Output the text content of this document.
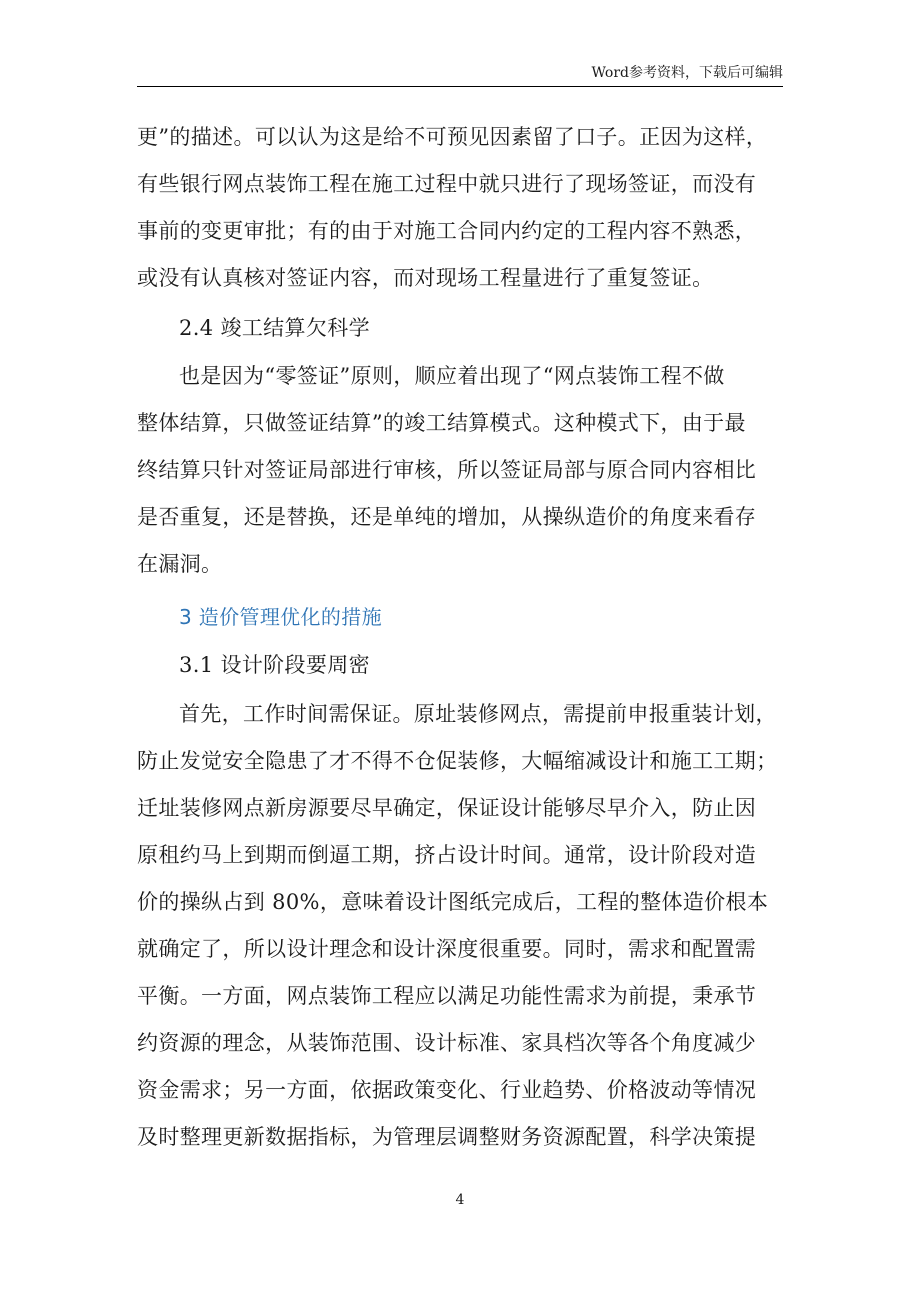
Word参考资料，下载后可编辑
更”的描述。可以认为这是给不可预见因素留了口子。正因为这样，
有些银行网点装饰工程在施工过程中就只进行了现场签证，而没有
事前的变更审批；有的由于对施工合同内约定的工程内容不熟悉，
或没有认真核对签证内容，而对现场工程量进行了重复签证。
2.4 竣工结算欠科学
也是因为“零签证”原则，顺应着出现了“网点装饰工程不做
整体结算，只做签证结算”的竣工结算模式。这种模式下，由于最
终结算只针对签证局部进行审核，所以签证局部与原合同内容相比
是否重复，还是替换，还是单纯的增加，从操纵造价的角度来看存
在漏洞。
3 造价管理优化的措施
3.1 设计阶段要周密
首先，工作时间需保证。原址装修网点，需提前申报重装计划，
防止发觉安全隐患了才不得不仓促装修，大幅缩减设计和施工工期；
迁址装修网点新房源要尽早确定，保证设计能够尽早介入，防止因
原租约马上到期而倒逼工期，挤占设计时间。通常，设计阶段对造
价的操纵占到 80%，意味着设计图纸完成后，工程的整体造价根本
就确定了，所以设计理念和设计深度很重要。同时，需求和配置需
平衡。一方面，网点装饰工程应以满足功能性需求为前提，秉承节
约资源的理念，从装饰范围、设计标准、家具档次等各个角度减少
资金需求；另一方面，依据政策变化、行业趋势、价格波动等情况
及时整理更新数据指标，为管理层调整财务资源配置，科学决策提
4
